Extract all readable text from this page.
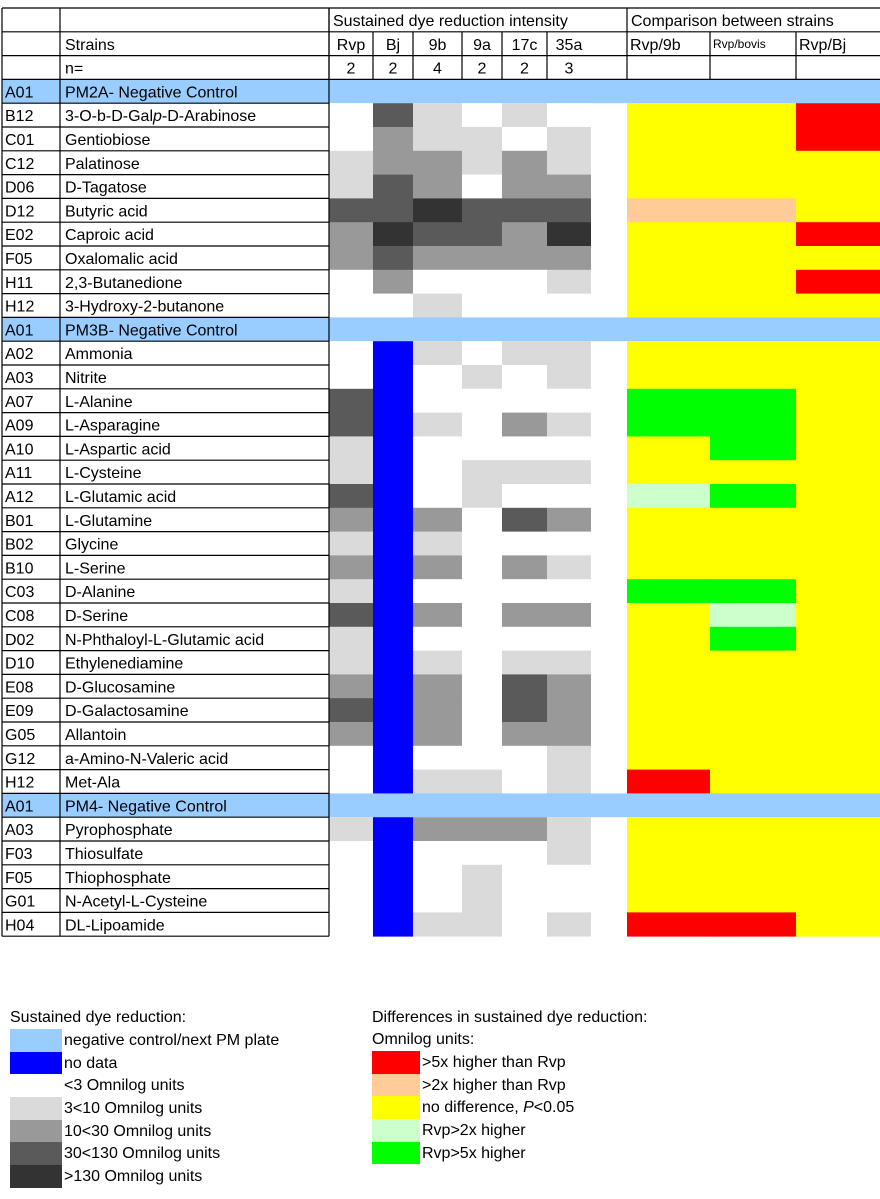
Sustained dye reduction intensity	Comparison between strains
Strains
n=
Rvp
2
Bj
2
9b
4
9a
2
17c
2
35a
3
Rvp/9b	Rvp/bovis Rvp/Bj
A01 PM2A- Negative Control
B12 3-O-b-D-Galp-D-Arabinose
C01 Gentiobiose
C12 Palatinose
D06 D-Tagatose
D12 Butyric acid
E02 Caproic acid
F05 Oxalomalic acid
H11 2,3-Butanedione
H12 3-Hydroxy-2-butanone
A01 PM3B- Negative Control
A02 Ammonia
A03 Nitrite
A07 L-Alanine
A09 L-Asparagine
A10 L-Aspartic acid
A11 L-Cysteine
A12 L-Glutamic acid
B01 L-Glutamine
B02 Glycine
B10 L-Serine
C03 D-Alanine
C08 D-Serine
D02 N-Phthaloyl-L-Glutamic acid
D10 Ethylenediamine
E08 D-Glucosamine
E09 D-Galactosamine
G05 Allantoin
G12 a-Amino-N-Valeric acid
H12 Met-Ala
A01 PM4- Negative Control
A03 Pyrophosphate
F03 Thiosulfate
F05 Thiophosphate
G01 N-Acetyl-L-Cysteine
H04 DL-Lipoamide
Sustained dye reduction:
negative control/next PM plate
no data
<3 Omnilog units
3<10 Omnilog units
10<30 Omnilog units
30<130 Omnilog units
>130 Omnilog units
Differences in sustained dye reduction:
Omnilog units:
>5x higher than Rvp
>2x higher than Rvp
no difference, P<0.05
Rvp>2x higher
Rvp>5x higher
